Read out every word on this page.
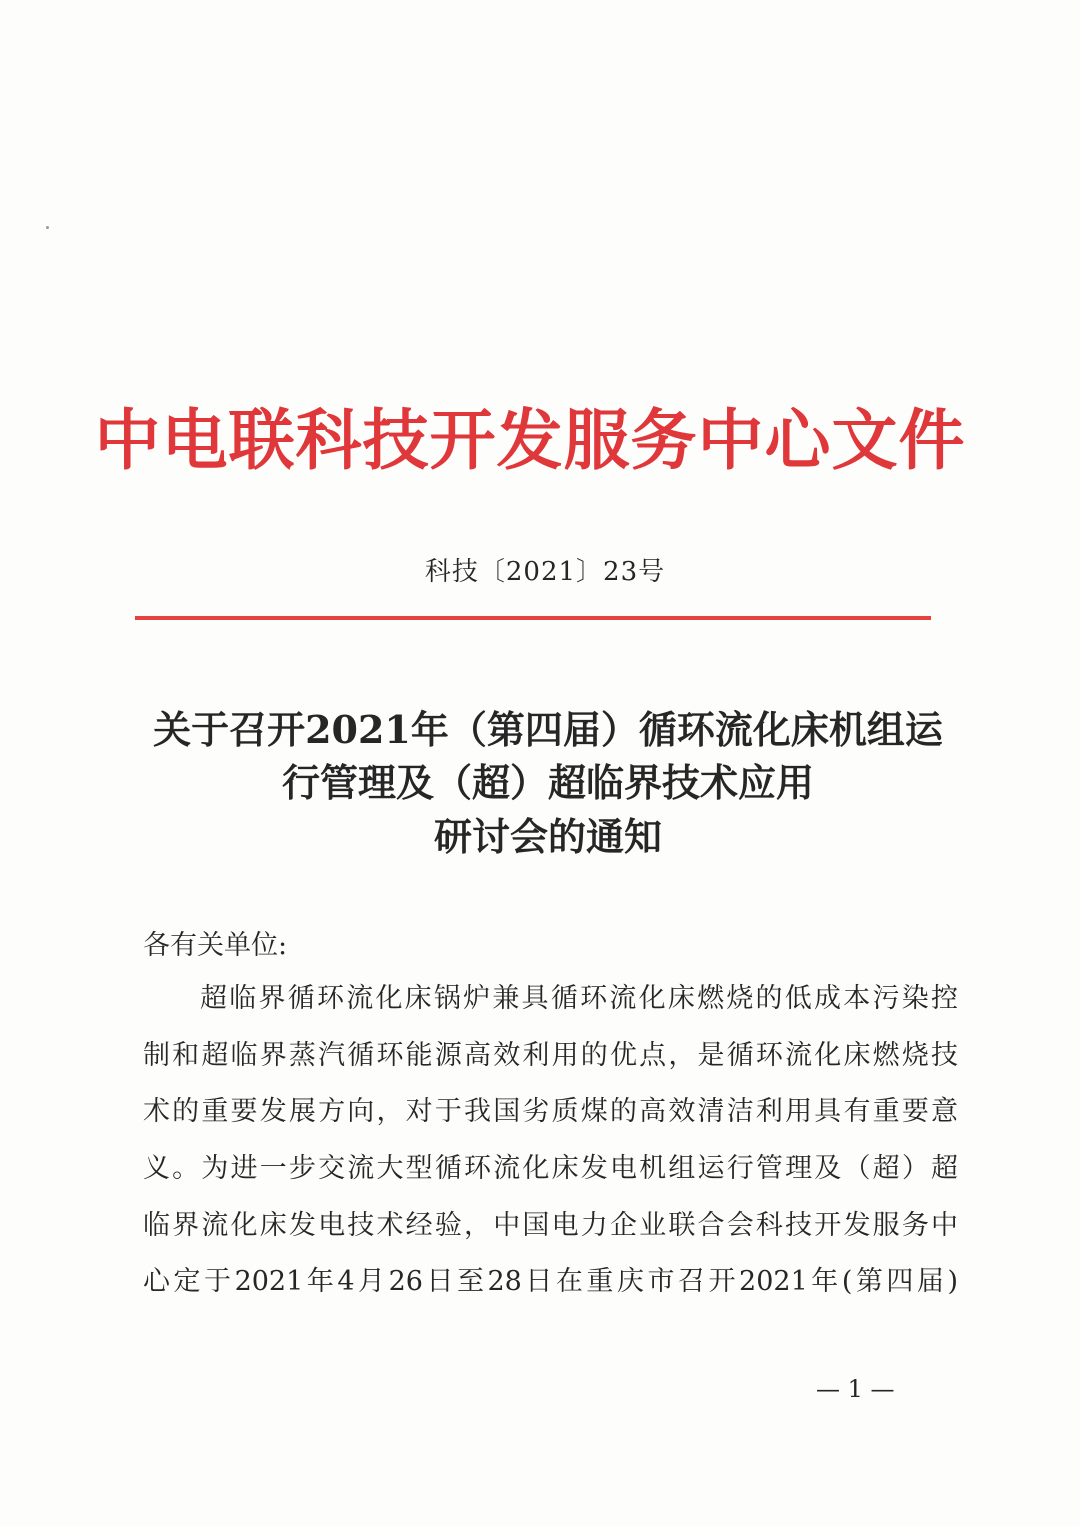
中电联科技开发服务中心文件
科技〔2021〕23号
关于召开2021年（第四届）循环流化床机组运
行管理及（超）超临界技术应用
研讨会的通知
各有关单位:
超临界循环流化床锅炉兼具循环流化床燃烧的低成本污染控
制和超临界蒸汽循环能源高效利用的优点，是循环流化床燃烧技
术的重要发展方向，对于我国劣质煤的高效清洁利用具有重要意
义。为进一步交流大型循环流化床发电机组运行管理及（超）超
临界流化床发电技术经验，中国电力企业联合会科技开发服务中
心定于2021年4月26日至28日在重庆市召开2021年(第四届)
— 1 —
